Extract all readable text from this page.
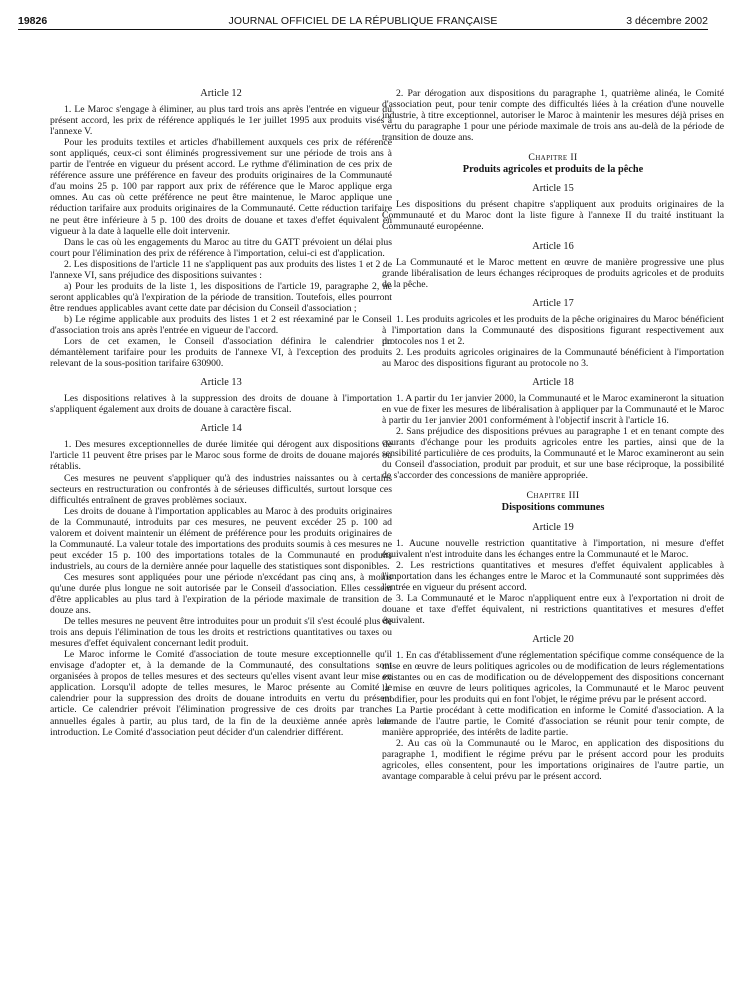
19826	JOURNAL OFFICIEL DE LA RÉPUBLIQUE FRANÇAISE	3 décembre 2002
Article 12

1. Le Maroc s'engage à éliminer, au plus tard trois ans après l'entrée en vigueur du présent accord, les prix de référence appliqués le 1er juillet 1995 aux produits visés à l'annexe V.

Pour les produits textiles et articles d'habillement auxquels ces prix de référence sont appliqués, ceux-ci sont éliminés progressivement sur une période de trois ans à partir de l'entrée en vigueur du présent accord. Le rythme d'élimination de ces prix de référence assure une préférence en faveur des produits originaires de la Communauté d'au moins 25 p. 100 par rapport aux prix de référence que le Maroc applique erga omnes. Au cas où cette préférence ne peut être maintenue, le Maroc applique une réduction tarifaire aux produits originaires de la Communauté. Cette réduction tarifaire ne peut être inférieure à 5 p. 100 des droits de douane et taxes d'effet équivalent en vigueur à la date à laquelle elle doit intervenir.

Dans le cas où les engagements du Maroc au titre du GATT prévoient un délai plus court pour l'élimination des prix de référence à l'importation, celui-ci est d'application.

2. Les dispositions de l'article 11 ne s'appliquent pas aux produits des listes 1 et 2 de l'annexe VI, sans préjudice des dispositions suivantes :

a) Pour les produits de la liste 1, les dispositions de l'article 19, paragraphe 2, ne seront applicables qu'à l'expiration de la période de transition. Toutefois, elles pourront être rendues applicables avant cette date par décision du Conseil d'association ;

b) Le régime applicable aux produits des listes 1 et 2 est réexaminé par le Conseil d'association trois ans après l'entrée en vigueur de l'accord.

Lors de cet examen, le Conseil d'association définira le calendrier du démantèlement tarifaire pour les produits de l'annexe VI, à l'exception des produits relevant de la sous-position tarifaire 630900.

Article 13

Les dispositions relatives à la suppression des droits de douane à l'importation s'appliquent également aux droits de douane à caractère fiscal.

Article 14

1. Des mesures exceptionnelles de durée limitée qui dérogent aux dispositions de l'article 11 peuvent être prises par le Maroc sous forme de droits de douane majorés ou rétablis.

Ces mesures ne peuvent s'appliquer qu'à des industries naissantes ou à certains secteurs en restructuration ou confrontés à de sérieuses difficultés, surtout lorsque ces difficultés entraînent de graves problèmes sociaux.

Les droits de douane à l'importation applicables au Maroc à des produits originaires de la Communauté, introduits par ces mesures, ne peuvent excéder 25 p. 100 ad valorem et doivent maintenir un élément de préférence pour les produits originaires de la Communauté. La valeur totale des importations des produits soumis à ces mesures ne peut excéder 15 p. 100 des importations totales de la Communauté en produits industriels, au cours de la dernière année pour laquelle des statistiques sont disponibles.

Ces mesures sont appliquées pour une période n'excédant pas cinq ans, à moins qu'une durée plus longue ne soit autorisée par le Conseil d'association. Elles cessent d'être applicables au plus tard à l'expiration de la période maximale de transition de douze ans.

De telles mesures ne peuvent être introduites pour un produit s'il s'est écoulé plus de trois ans depuis l'élimination de tous les droits et restrictions quantitatives ou taxes ou mesures d'effet équivalent concernant ledit produit.

Le Maroc informe le Comité d'association de toute mesure exceptionnelle qu'il envisage d'adopter et, à la demande de la Communauté, des consultations sont organisées à propos de telles mesures et des secteurs qu'elles visent avant leur mise en application. Lorsqu'il adopte de telles mesures, le Maroc présente au Comité le calendrier pour la suppression des droits de douane introduits en vertu du présent article. Ce calendrier prévoit l'élimination progressive de ces droits par tranches annuelles égales à partir, au plus tard, de la fin de la deuxième année après leur introduction. Le Comité d'association peut décider d'un calendrier différent.

2. Par dérogation aux dispositions du paragraphe 1, quatrième alinéa, le Comité d'association peut, pour tenir compte des difficultés liées à la création d'une nouvelle industrie, à titre exceptionnel, autoriser le Maroc à maintenir les mesures déjà prises en vertu du paragraphe 1 pour une période maximale de trois ans au-delà de la période de transition de douze ans.

Chapitre II
Produits agricoles et produits de la pêche
Article 15

Les dispositions du présent chapitre s'appliquent aux produits originaires de la Communauté et du Maroc dont la liste figure à l'annexe II du traité instituant la Communauté européenne.

Article 16

La Communauté et le Maroc mettent en œuvre de manière progressive une plus grande libéralisation de leurs échanges réciproques de produits agricoles et de produits de la pêche.

Article 17

1. Les produits agricoles et les produits de la pêche originaires du Maroc bénéficient à l'importation dans la Communauté des dispositions figurant respectivement aux protocoles nos 1 et 2.

2. Les produits agricoles originaires de la Communauté bénéficient à l'importation au Maroc des dispositions figurant au protocole no 3.

Article 18

1. A partir du 1er janvier 2000, la Communauté et le Maroc examineront la situation en vue de fixer les mesures de libéralisation à appliquer par la Communauté et le Maroc à partir du 1er janvier 2001 conformément à l'objectif inscrit à l'article 16.

2. Sans préjudice des dispositions prévues au paragraphe 1 et en tenant compte des courants d'échange pour les produits agricoles entre les parties, ainsi que de la sensibilité particulière de ces produits, la Communauté et le Maroc examineront au sein du Conseil d'association, produit par produit, et sur une base réciproque, la possibilité de s'accorder des concessions de manière appropriée.

Chapitre III
Dispositions communes
Article 19

1. Aucune nouvelle restriction quantitative à l'importation, ni mesure d'effet équivalent n'est introduite dans les échanges entre la Communauté et le Maroc.

2. Les restrictions quantitatives et mesures d'effet équivalent applicables à l'importation dans les échanges entre le Maroc et la Communauté sont supprimées dès l'entrée en vigueur du présent accord.

3. La Communauté et le Maroc n'appliquent entre eux à l'exportation ni droit de douane et taxe d'effet équivalent, ni restrictions quantitatives et mesures d'effet équivalent.

Article 20

1. En cas d'établissement d'une réglementation spécifique comme conséquence de la mise en œuvre de leurs politiques agricoles ou de modification de leurs réglementations existantes ou en cas de modification ou de développement des dispositions concernant la mise en œuvre de leurs politiques agricoles, la Communauté et le Maroc peuvent modifier, pour les produits qui en font l'objet, le régime prévu par le présent accord.

La Partie procédant à cette modification en informe le Comité d'association. A la demande de l'autre partie, le Comité d'association se réunit pour tenir compte, de manière appropriée, des intérêts de ladite partie.

2. Au cas où la Communauté ou le Maroc, en application des dispositions du paragraphe 1, modifient le régime prévu par le présent accord pour les produits agricoles, elles consentent, pour les importations originaires de l'autre partie, un avantage comparable à celui prévu par le présent accord.
